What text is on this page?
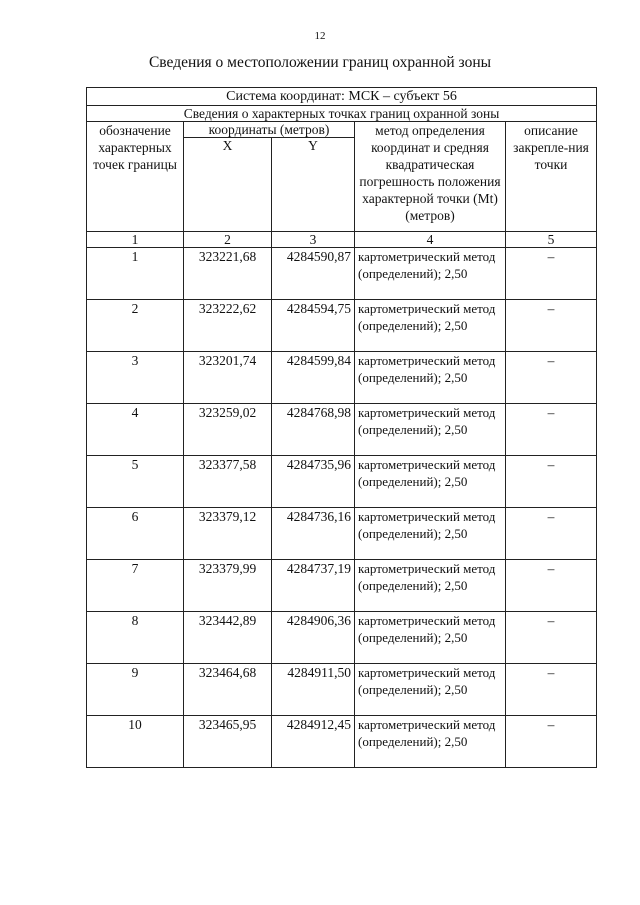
12
Сведения о местоположении границ охранной зоны
Система координат: МСК – субъект 56				
Сведения о характерных точках границ охранной зоны				
обозначение характерных точек границы	координаты (метров)		метод определения координат и средняя квадратическая погрешность положения характерной точки (Mt) (метров)	описание закрепле-ния точки
	X	Y		
1	2	3	4	5
1	323221,68	4284590,87	картометрический метод (определений); 2,50	–
2	323222,62	4284594,75	картометрический метод (определений); 2,50	–
3	323201,74	4284599,84	картометрический метод (определений); 2,50	–
4	323259,02	4284768,98	картометрический метод (определений); 2,50	–
5	323377,58	4284735,96	картометрический метод (определений); 2,50	–
6	323379,12	4284736,16	картометрический метод (определений); 2,50	–
7	323379,99	4284737,19	картометрический метод (определений); 2,50	–
8	323442,89	4284906,36	картометрический метод (определений); 2,50	–
9	323464,68	4284911,50	картометрический метод (определений); 2,50	–
10	323465,95	4284912,45	картометрический метод (определений); 2,50	–
